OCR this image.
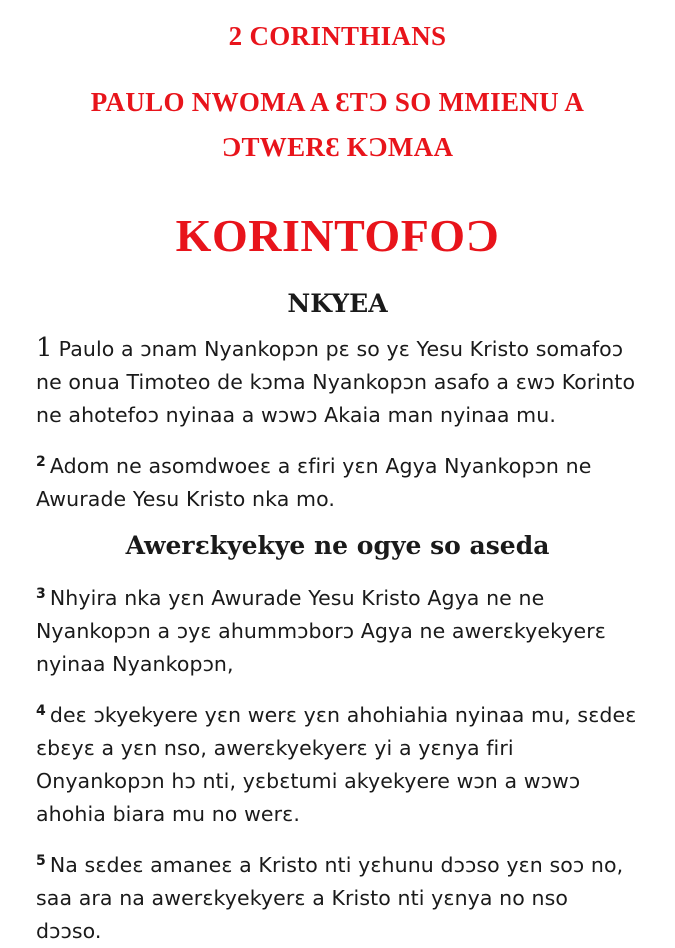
2 CORINTHIANS
PAULO NWOMA A ƐTƆ SO MMIENU A ƆTWERƐ KƆMAA
KORINTOFOƆ
NKYEA

1 Paulo a ɔnam Nyankopɔn pɛ so yɛ Yesu Kristo somafoɔ ne onua Timoteo de kɔma Nyankopɔn asafo a ɛwɔ Korinto ne ahotefoɔ nyinaa a wɔwɔ Akaia man nyinaa mu.

$^2$ Adom ne asomdwoeɛ a ɛfiri yɛn Agya Nyankopɔn ne Awurade Yesu Kristo nka mo.

Awerɛkyekye ne ogye so aseda

$^3$ Nhyira nka yɛn Awurade Yesu Kristo Agya ne ne Nyankopɔn a ɔyɛ ahummɔborɔ Agya ne awerɛkyekyerɛ nyinaa Nyankopɔn,

$^4$ deɛ ɔkyekyere yɛn werɛ yɛn ahohiahia nyinaa mu, sɛdeɛ ɛbɛyɛ a yɛn nso, awerɛkyekyerɛ yi a yɛnya firi Onyankopɔn hɔ nti, yɛbɛtumi akyekyere wɔn a wɔwɔ ahohia biara mu no werɛ.

$^5$ Na sɛdeɛ amaneɛ a Kristo nti yɛhunu dɔɔso yɛn soɔ no, saa ara na awerɛkyekyerɛ a Kristo nti yɛnya no nso dɔɔso.
